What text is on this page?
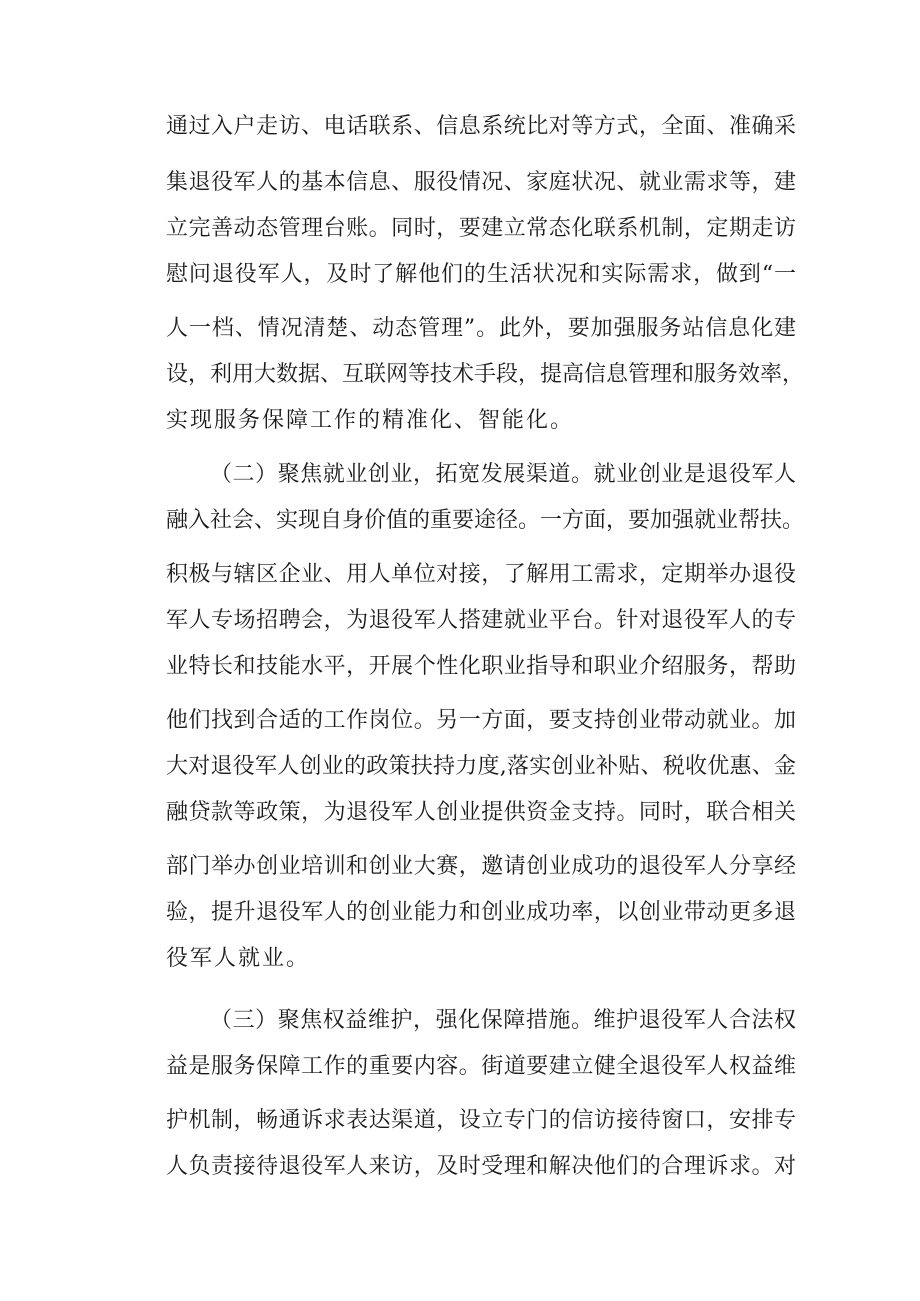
通过入户走访、电话联系、信息系统比对等方式，全面、准确采
集退役军人的基本信息、服役情况、家庭状况、就业需求等，建
立完善动态管理台账。同时，要建立常态化联系机制，定期走访
慰问退役军人，及时了解他们的生活状况和实际需求，做到“一
人一档、情况清楚、动态管理”。此外，要加强服务站信息化建
设，利用大数据、互联网等技术手段，提高信息管理和服务效率，
实现服务保障工作的精准化、智能化。
（二）聚焦就业创业，拓宽发展渠道。就业创业是退役军人
融入社会、实现自身价值的重要途径。一方面，要加强就业帮扶。
积极与辖区企业、用人单位对接，了解用工需求，定期举办退役
军人专场招聘会，为退役军人搭建就业平台。针对退役军人的专
业特长和技能水平，开展个性化职业指导和职业介绍服务，帮助
他们找到合适的工作岗位。另一方面，要支持创业带动就业。加
大对退役军人创业的政策扶持力度,落实创业补贴、税收优惠、金
融贷款等政策，为退役军人创业提供资金支持。同时，联合相关
部门举办创业培训和创业大赛，邀请创业成功的退役军人分享经
验，提升退役军人的创业能力和创业成功率，以创业带动更多退
役军人就业。
（三）聚焦权益维护，强化保障措施。维护退役军人合法权
益是服务保障工作的重要内容。街道要建立健全退役军人权益维
护机制，畅通诉求表达渠道，设立专门的信访接待窗口，安排专
人负责接待退役军人来访，及时受理和解决他们的合理诉求。对
